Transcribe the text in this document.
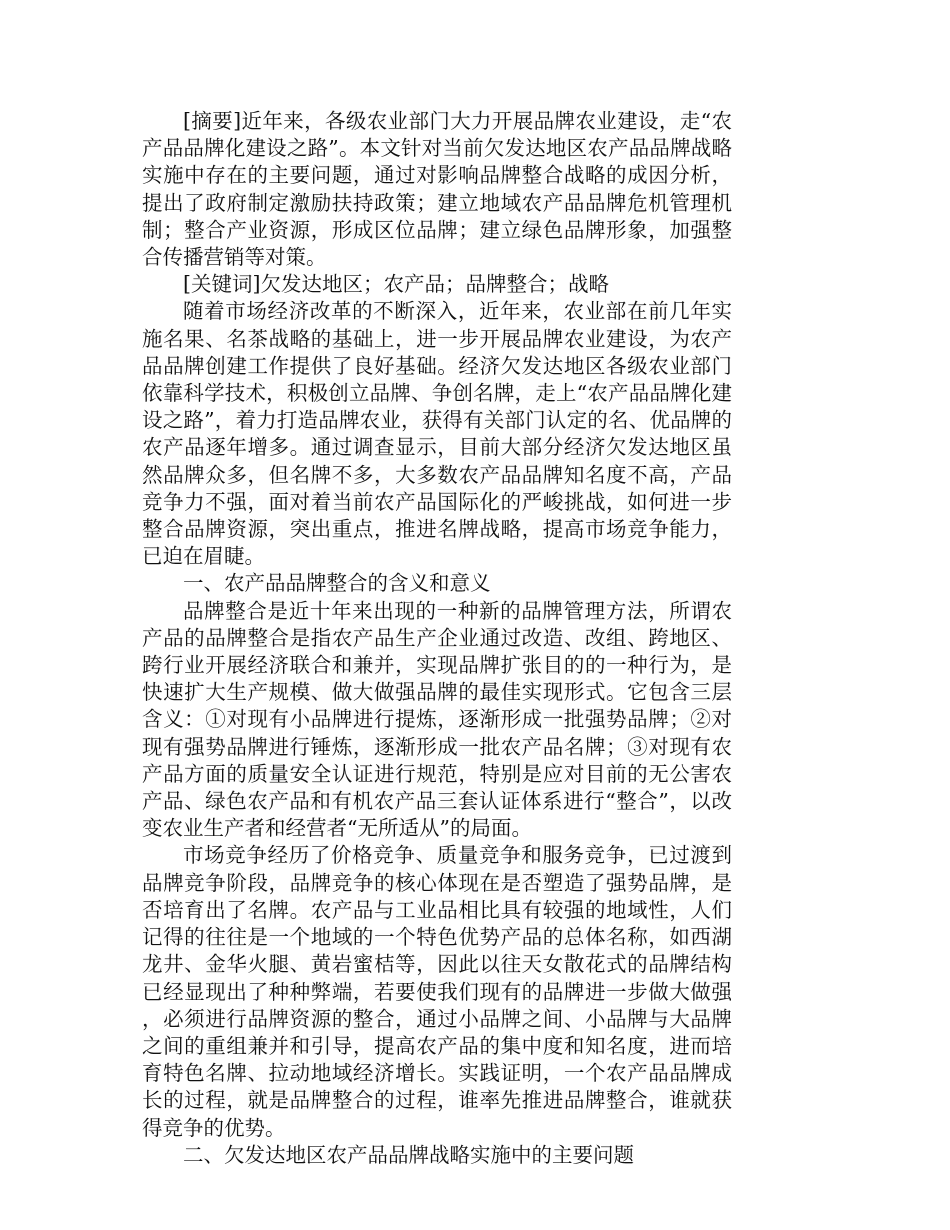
[摘要]近年来，各级农业部门大力开展品牌农业建设，走“农产品品牌化建设之路”。本文针对当前欠发达地区农产品品牌战略实施中存在的主要问题，通过对影响品牌整合战略的成因分析，提出了政府制定激励扶持政策；建立地域农产品品牌危机管理机制；整合产业资源，形成区位品牌；建立绿色品牌形象，加强整合传播营销等对策。

[关键词]欠发达地区；农产品；品牌整合；战略

随着市场经济改革的不断深入，近年来，农业部在前几年实施名果、名茶战略的基础上，进一步开展品牌农业建设，为农产品品牌创建工作提供了良好基础。经济欠发达地区各级农业部门依靠科学技术，积极创立品牌、争创名牌，走上“农产品品牌化建设之路”，着力打造品牌农业，获得有关部门认定的名、优品牌的农产品逐年增多。通过调查显示，目前大部分经济欠发达地区虽然品牌众多，但名牌不多，大多数农产品品牌知名度不高，产品竞争力不强，面对着当前农产品国际化的严峻挑战，如何进一步整合品牌资源，突出重点，推进名牌战略，提高市场竞争能力，已迫在眉睫。

一、农产品品牌整合的含义和意义

品牌整合是近十年来出现的一种新的品牌管理方法，所谓农产品的品牌整合是指农产品生产企业通过改造、改组、跨地区、跨行业开展经济联合和兼并，实现品牌扩张目的的一种行为，是快速扩大生产规模、做大做强品牌的最佳实现形式。它包含三层含义：①对现有小品牌进行提炼，逐渐形成一批强势品牌；②对现有强势品牌进行锤炼，逐渐形成一批农产品名牌；③对现有农产品方面的质量安全认证进行规范，特别是应对目前的无公害农产品、绿色农产品和有机农产品三套认证体系进行“整合”，以改变农业生产者和经营者“无所适从”的局面。

市场竞争经历了价格竞争、质量竞争和服务竞争，已过渡到品牌竞争阶段，品牌竞争的核心体现在是否塑造了强势品牌，是否培育出了名牌。农产品与工业品相比具有较强的地域性，人们记得的往往是一个地域的一个特色优势产品的总体名称，如西湖龙井、金华火腿、黄岩蜜桔等，因此以往天女散花式的品牌结构已经显现出了种种弊端，若要使我们现有的品牌进一步做大做强，必须进行品牌资源的整合，通过小品牌之间、小品牌与大品牌之间的重组兼并和引导，提高农产品的集中度和知名度，进而培育特色名牌、拉动地域经济增长。实践证明，一个农产品品牌成长的过程，就是品牌整合的过程，谁率先推进品牌整合，谁就获得竞争的优势。

二、欠发达地区农产品品牌战略实施中的主要问题
